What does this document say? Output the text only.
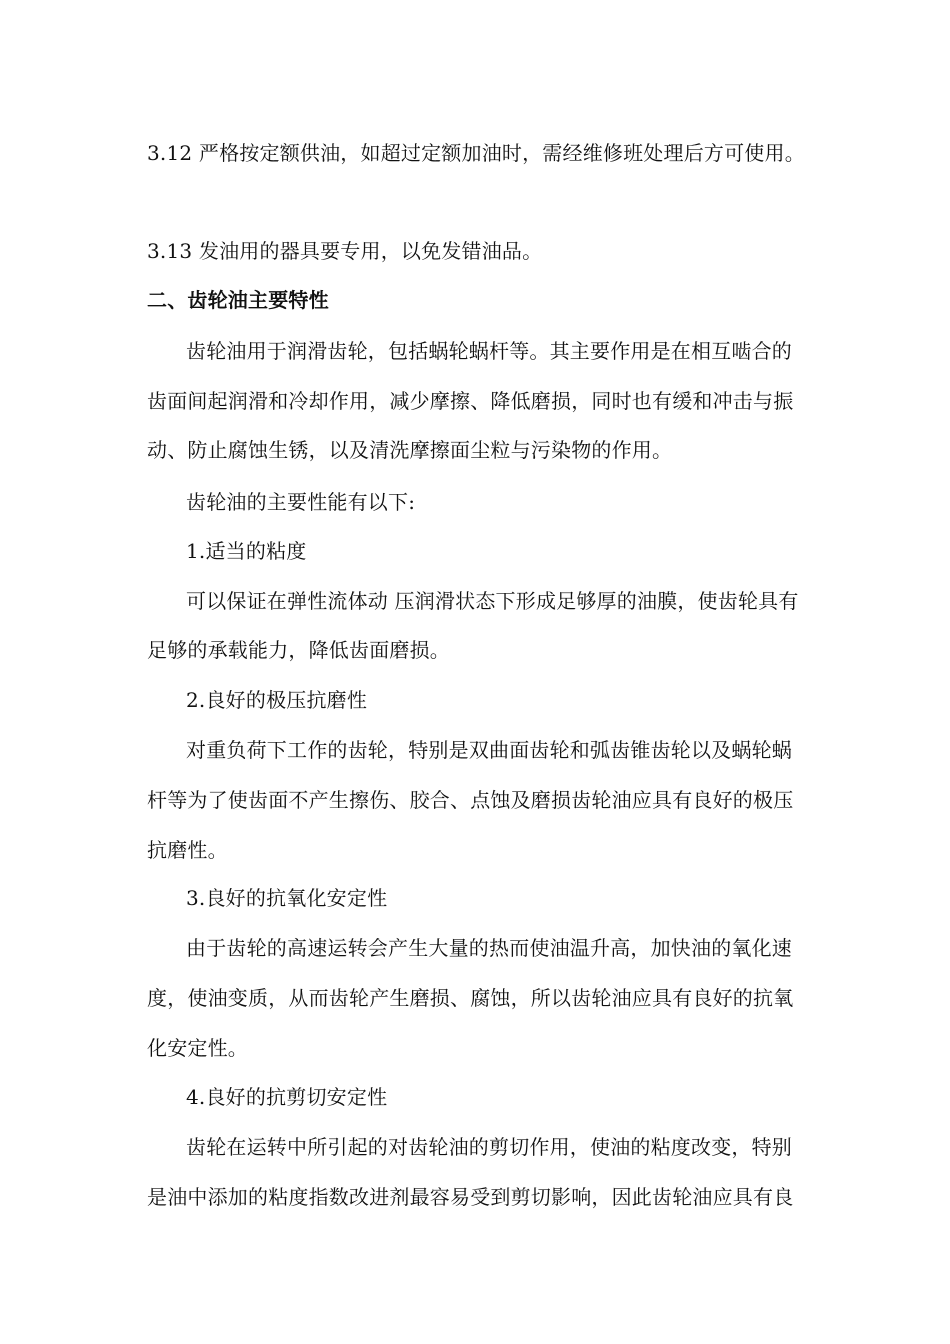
3.12 严格按定额供油，如超过定额加油时，需经维修班处理后方可使用。
3.13 发油用的器具要专用，以免发错油品。
二、齿轮油主要特性
齿轮油用于润滑齿轮，包括蜗轮蜗杆等。其主要作用是在相互啮合的
齿面间起润滑和冷却作用，减少摩擦、降低磨损，同时也有缓和冲击与振
动、防止腐蚀生锈，以及清洗摩擦面尘粒与污染物的作用。
齿轮油的主要性能有以下:
1.适当的粘度
可以保证在弹性流体动 压润滑状态下形成足够厚的油膜，使齿轮具有
足够的承载能力，降低齿面磨损。
2.良好的极压抗磨性
对重负荷下工作的齿轮，特别是双曲面齿轮和弧齿锥齿轮以及蜗轮蜗
杆等为了使齿面不产生擦伤、胶合、点蚀及磨损齿轮油应具有良好的极压
抗磨性。
3.良好的抗氧化安定性
由于齿轮的高速运转会产生大量的热而使油温升高，加快油的氧化速
度，使油变质，从而齿轮产生磨损、腐蚀，所以齿轮油应具有良好的抗氧
化安定性。
4.良好的抗剪切安定性
齿轮在运转中所引起的对齿轮油的剪切作用，使油的粘度改变，特别
是油中添加的粘度指数改进剂最容易受到剪切影响，因此齿轮油应具有良
